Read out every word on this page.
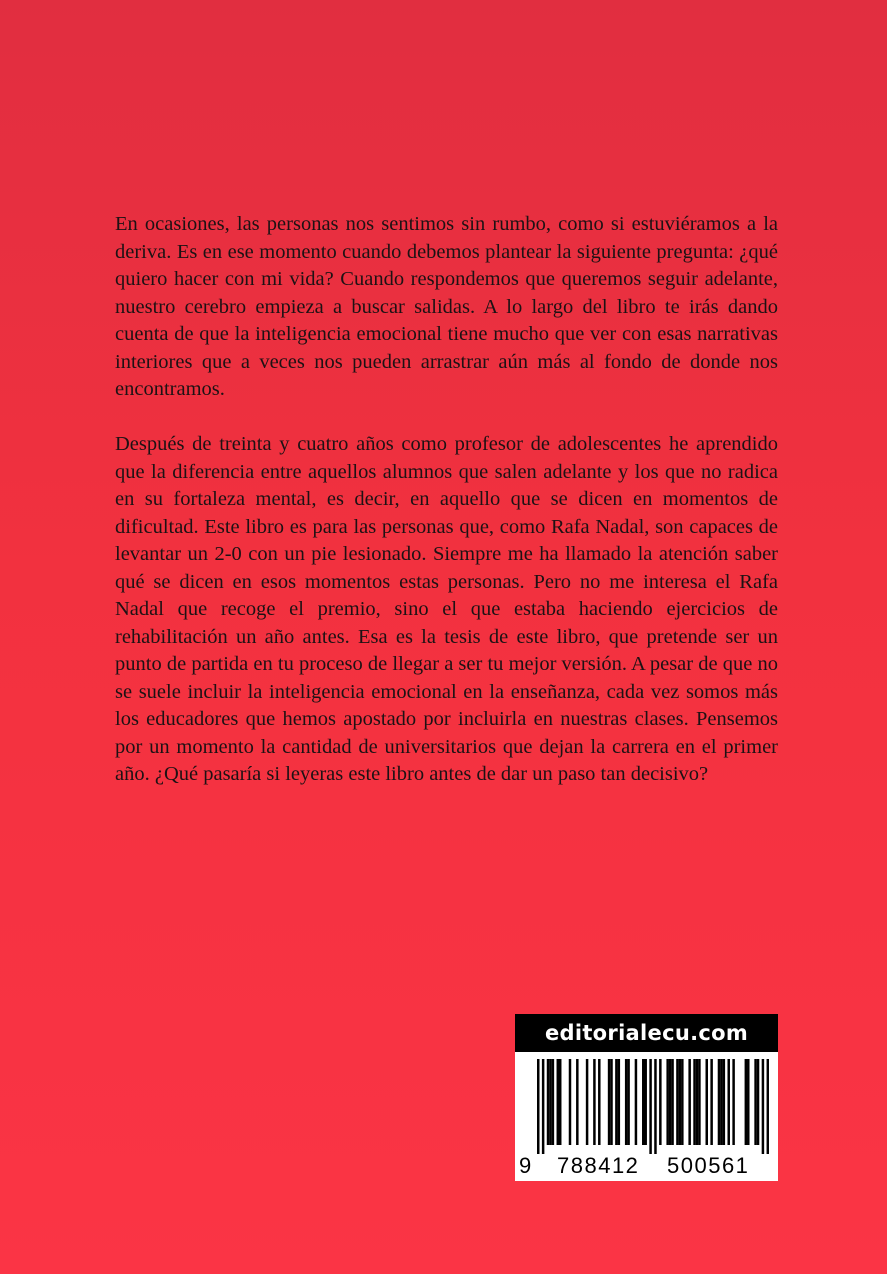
En ocasiones, las personas nos sentimos sin rumbo, como si estuviéramos a la deriva. Es en ese momento cuando debemos plantear la siguiente pregunta: ¿qué quiero hacer con mi vida? Cuando respondemos que queremos seguir adelante, nuestro cerebro empieza a buscar salidas. A lo largo del libro te irás dando cuenta de que la inteligencia emocional tiene mucho que ver con esas narrativas interiores que a veces nos pueden arrastrar aún más al fondo de donde nos encontramos.

Después de treinta y cuatro años como profesor de adolescentes he aprendido que la diferencia entre aquellos alumnos que salen adelante y los que no radica en su fortaleza mental, es decir, en aquello que se dicen en momentos de dificultad. Este libro es para las personas que, como Rafa Nadal, son capaces de levantar un 2-0 con un pie lesionado. Siempre me ha llamado la atención saber qué se dicen en esos momentos estas personas. Pero no me interesa el Rafa Nadal que recoge el premio, sino el que estaba haciendo ejercicios de rehabilitación un año antes. Esa es la tesis de este libro, que pretende ser un punto de partida en tu proceso de llegar a ser tu mejor versión. A pesar de que no se suele incluir la inteligencia emocional en la enseñanza, cada vez somos más los educadores que hemos apostado por incluirla en nuestras clases. Pensemos por un momento la cantidad de universitarios que dejan la carrera en el primer año. ¿Qué pasaría si leyeras este libro antes de dar un paso tan decisivo?

editorialecu.com
9 788412 500561
